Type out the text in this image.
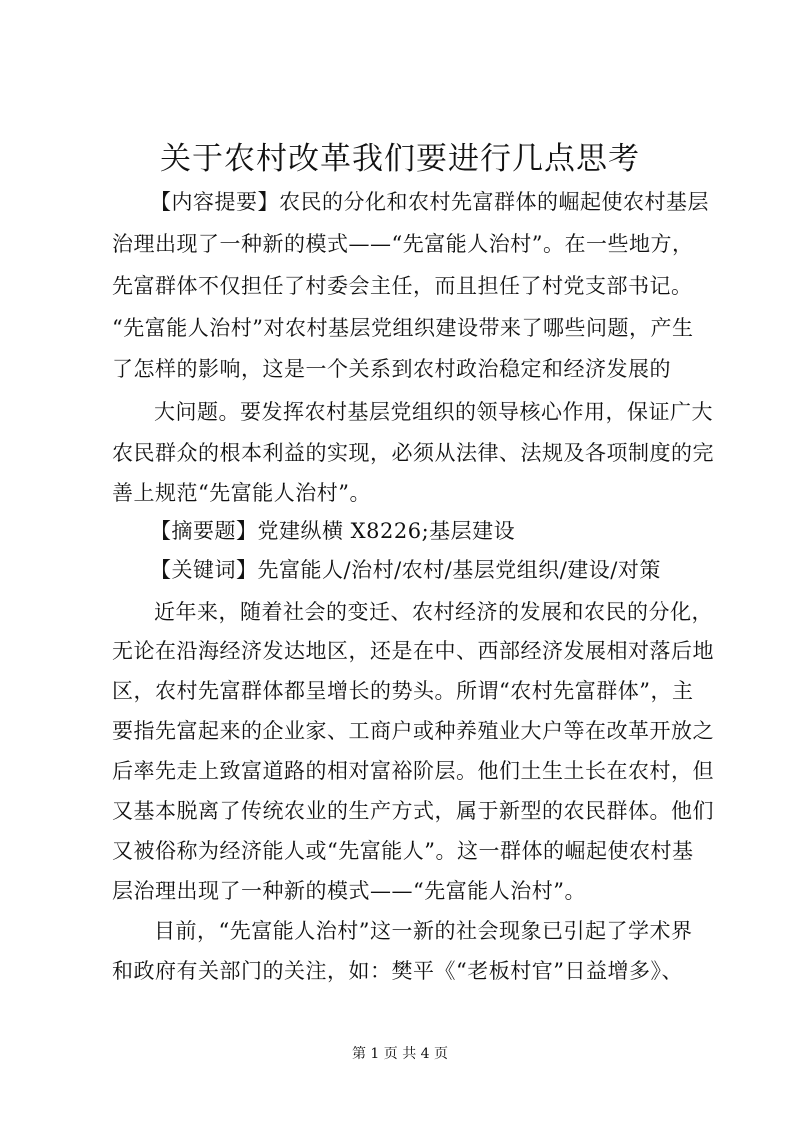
关于农村改革我们要进行几点思考
【内容提要】农民的分化和农村先富群体的崛起使农村基层
治理出现了一种新的模式——“先富能人治村”。在一些地方，
先富群体不仅担任了村委会主任，而且担任了村党支部书记。
“先富能人治村”对农村基层党组织建设带来了哪些问题，产生
了怎样的影响，这是一个关系到农村政治稳定和经济发展的
大问题。要发挥农村基层党组织的领导核心作用，保证广大
农民群众的根本利益的实现，必须从法律、法规及各项制度的完
善上规范“先富能人治村”。
【摘要题】党建纵横 X8226;基层建设
【关键词】先富能人/治村/农村/基层党组织/建设/对策
近年来，随着社会的变迁、农村经济的发展和农民的分化，
无论在沿海经济发达地区，还是在中、西部经济发展相对落后地
区，农村先富群体都呈增长的势头。所谓“农村先富群体”，主
要指先富起来的企业家、工商户或种养殖业大户等在改革开放之
后率先走上致富道路的相对富裕阶层。他们土生土长在农村，但
又基本脱离了传统农业的生产方式，属于新型的农民群体。他们
又被俗称为经济能人或“先富能人”。这一群体的崛起使农村基
层治理出现了一种新的模式——“先富能人治村”。
目前，“先富能人治村”这一新的社会现象已引起了学术界
和政府有关部门的关注，如：樊平《“老板村官”日益增多》、
第 1 页 共 4 页
